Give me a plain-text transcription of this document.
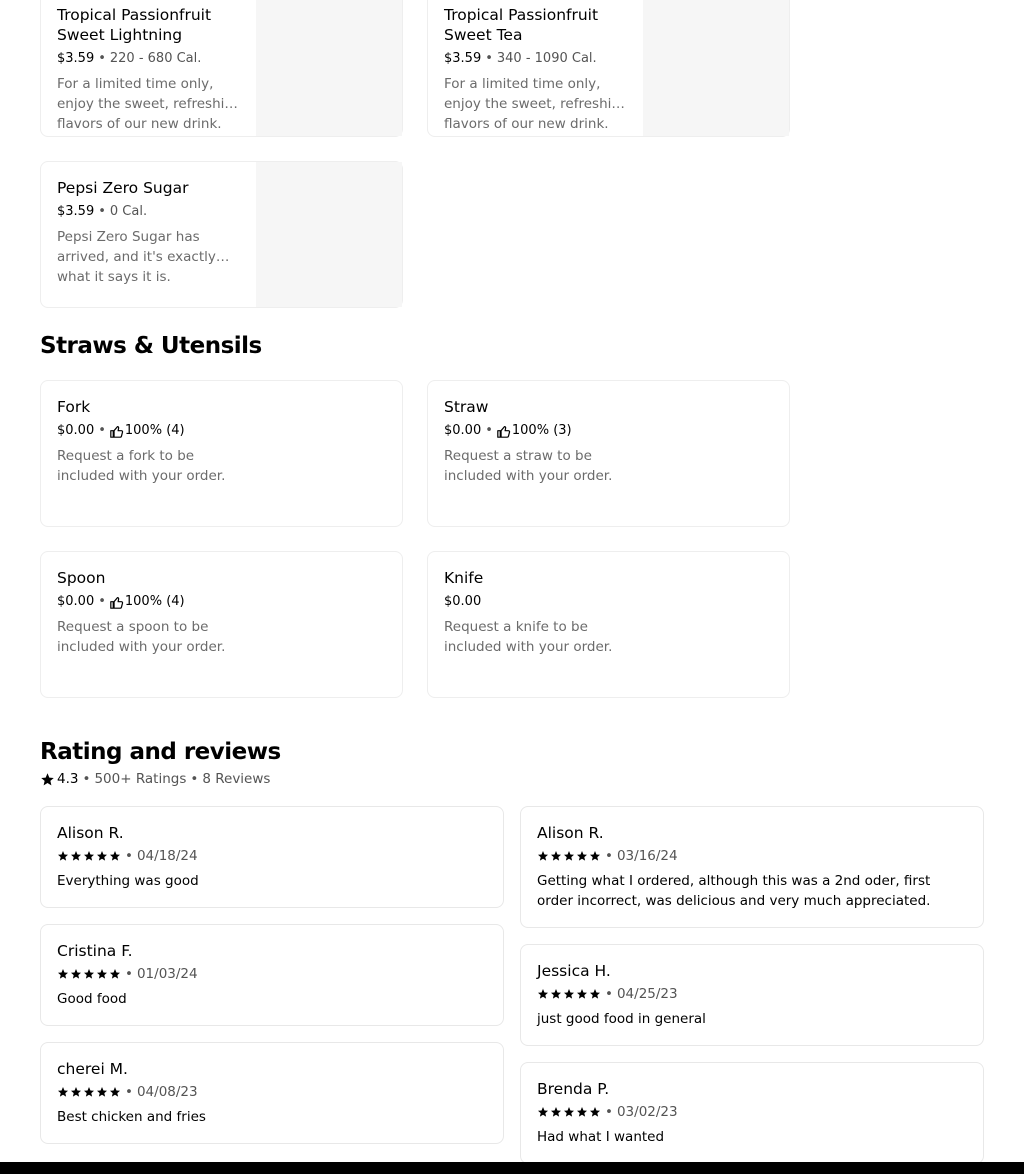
Tropical Passionfruit Sweet Lightning
$3.59 • 220 - 680 Cal.
For a limited time only, enjoy the sweet, refreshing flavors of our new drink.
Tropical Passionfruit Sweet Tea
$3.59 • 340 - 1090 Cal.
For a limited time only, enjoy the sweet, refreshing flavors of our new drink.
Pepsi Zero Sugar
$3.59 • 0 Cal.
Pepsi Zero Sugar has arrived, and it's exactly what it says it is.
Straws & Utensils
Fork
$0.00 • 100% (4)
Request a fork to be included with your order.
Straw
$0.00 • 100% (3)
Request a straw to be included with your order.
Spoon
$0.00 • 100% (4)
Request a spoon to be included with your order.
Knife
$0.00
Request a knife to be included with your order.
Rating and reviews
4.3 • 500+ Ratings • 8 Reviews
Alison R.
• 04/18/24
Everything was good
Cristina F.
• 01/03/24
Good food
cherei M.
• 04/08/23
Best chicken and fries
Alison R.
• 03/16/24
Getting what I ordered, although this was a 2nd oder, first order incorrect, was delicious and very much appreciated.
Jessica H.
• 04/25/23
just good food in general
Brenda P.
• 03/02/23
Had what I wanted
